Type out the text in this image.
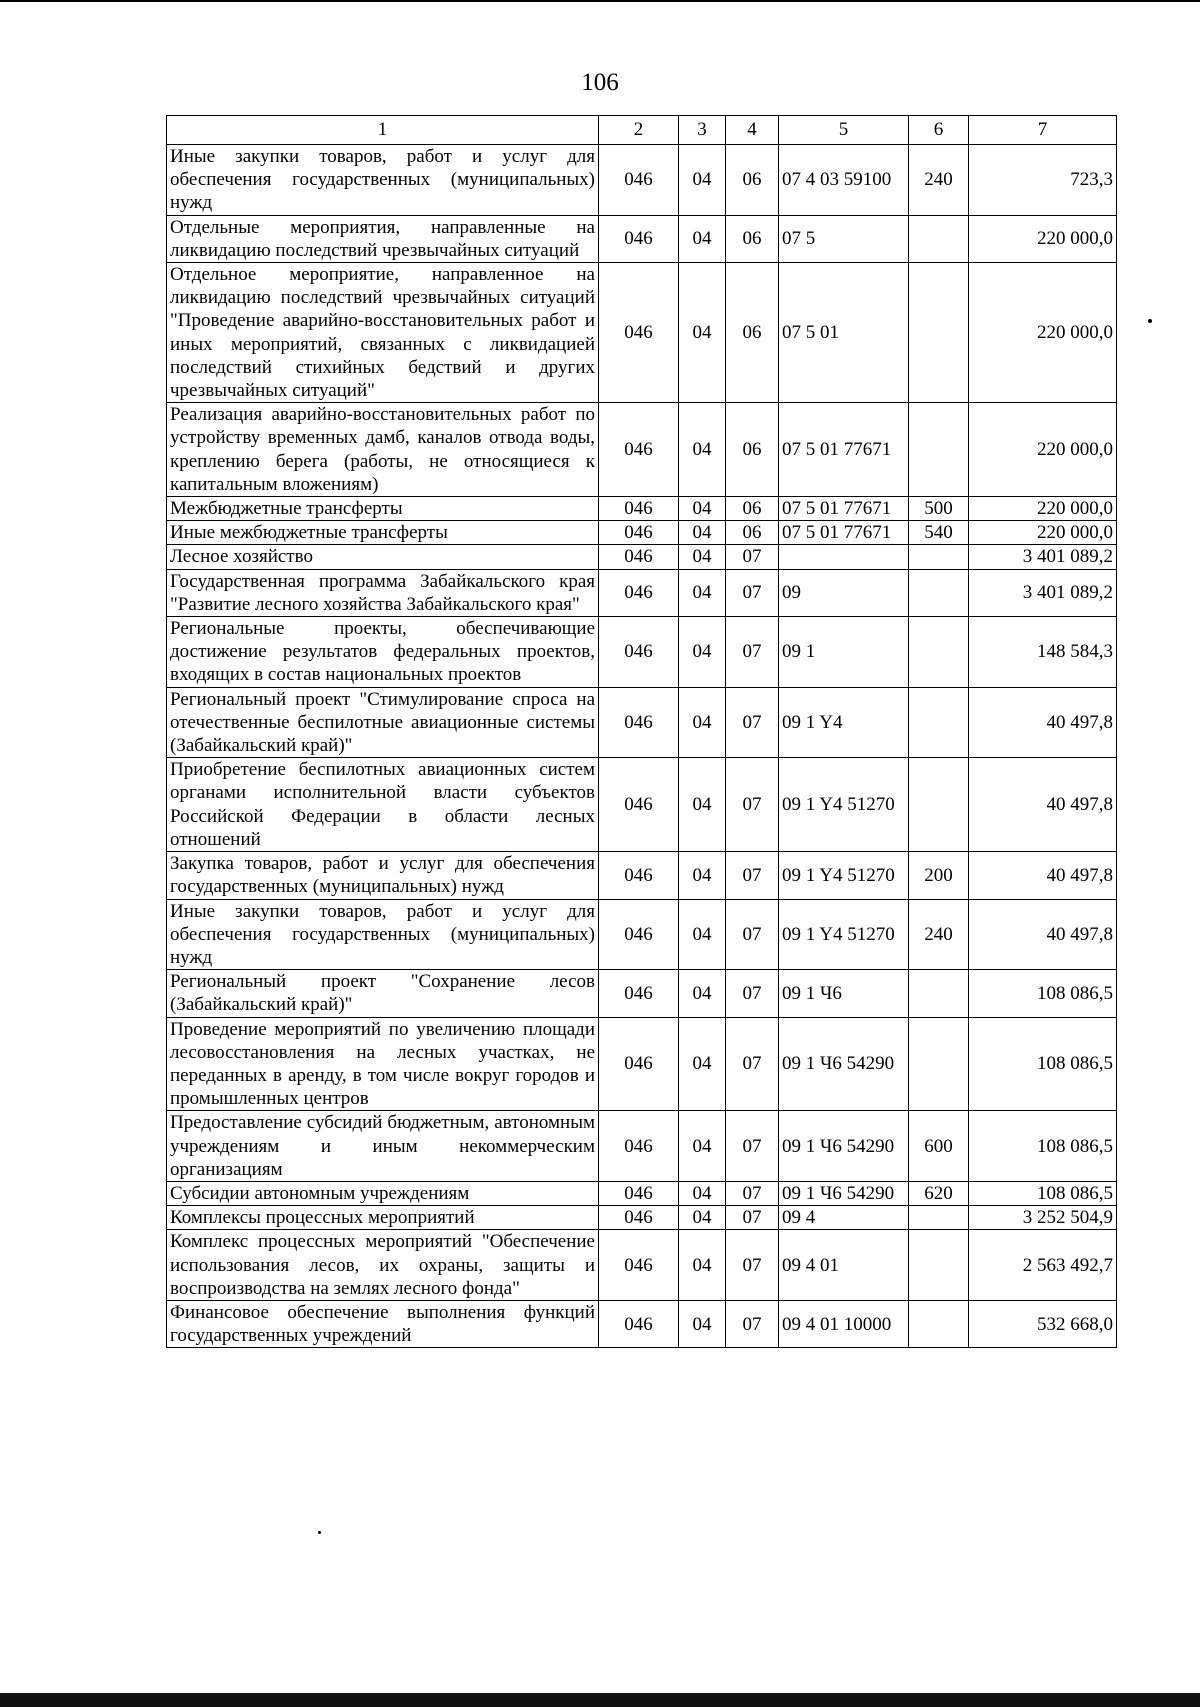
106
1	2	3	4	5	6	7
Иные закупки товаров, работ и услуг для обеспечения государственных (муниципальных) нужд	046	04	06	07 4 03 59100	240	723,3
Отдельные мероприятия, направленные на ликвидацию последствий чрезвычайных ситуаций	046	04	06	07 5		220 000,0
Отдельное мероприятие, направленное на ликвидацию последствий чрезвычайных ситуаций "Проведение аварийно-восстановительных работ и иных мероприятий, связанных с ликвидацией последствий стихийных бедствий и других чрезвычайных ситуаций"	046	04	06	07 5 01		220 000,0
Реализация аварийно-восстановительных работ по устройству временных дамб, каналов отвода воды, креплению берега (работы, не относящиеся к капитальным вложениям)	046	04	06	07 5 01 77671		220 000,0
Межбюджетные трансферты	046	04	06	07 5 01 77671	500	220 000,0
Иные межбюджетные трансферты	046	04	06	07 5 01 77671	540	220 000,0
Лесное хозяйство	046	04	07			3 401 089,2
Государственная программа Забайкальского края "Развитие лесного хозяйства Забайкальского края"	046	04	07	09		3 401 089,2
Региональные проекты, обеспечивающие достижение результатов федеральных проектов, входящих в состав национальных проектов	046	04	07	09 1		148 584,3
Региональный проект "Стимулирование спроса на отечественные беспилотные авиационные системы (Забайкальский край)"	046	04	07	09 1 Y4		40 497,8
Приобретение беспилотных авиационных систем органами исполнительной власти субъектов Российской Федерации в области лесных отношений	046	04	07	09 1 Y4 51270		40 497,8
Закупка товаров, работ и услуг для обеспечения государственных (муниципальных) нужд	046	04	07	09 1 Y4 51270	200	40 497,8
Иные закупки товаров, работ и услуг для обеспечения государственных (муниципальных) нужд	046	04	07	09 1 Y4 51270	240	40 497,8
Региональный проект "Сохранение лесов (Забайкальский край)"	046	04	07	09 1 Ч6		108 086,5
Проведение мероприятий по увеличению площади лесовосстановления на лесных участках, не переданных в аренду, в том числе вокруг городов и промышленных центров	046	04	07	09 1 Ч6 54290		108 086,5
Предоставление субсидий бюджетным, автономным учреждениям и иным некоммерческим организациям	046	04	07	09 1 Ч6 54290	600	108 086,5
Субсидии автономным учреждениям	046	04	07	09 1 Ч6 54290	620	108 086,5
Комплексы процессных мероприятий	046	04	07	09 4		3 252 504,9
Комплекс процессных мероприятий "Обеспечение использования лесов, их охраны, защиты и воспроизводства на землях лесного фонда"	046	04	07	09 4 01		2 563 492,7
Финансовое обеспечение выполнения функций государственных учреждений	046	04	07	09 4 01 10000		532 668,0
